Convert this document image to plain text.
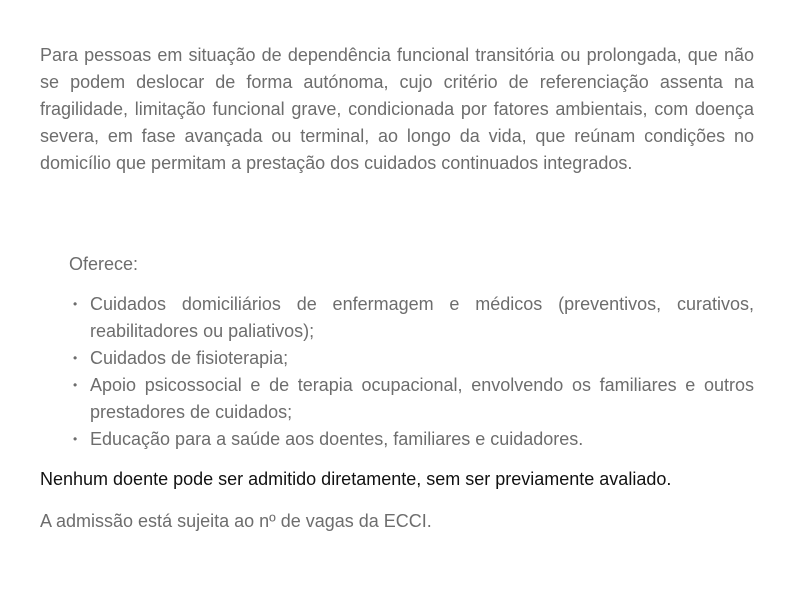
Para pessoas em situação de dependência funcional transitória ou prolongada, que não se podem deslocar de forma autónoma, cujo critério de referenciação assenta na fragilidade, limitação funcional grave, condicionada por fatores ambientais, com doença severa, em fase avançada ou terminal, ao longo da vida, que reúnam condições no domicílio que permitam a prestação dos cuidados continuados integrados.

Oferece:

• Cuidados domiciliários de enfermagem e médicos (preventivos, curativos, reabilitadores ou paliativos);
• Cuidados de fisioterapia;
• Apoio psicossocial e de terapia ocupacional, envolvendo os familiares e outros prestadores de cuidados;
• Educação para a saúde aos doentes, familiares e cuidadores.

Nenhum doente pode ser admitido diretamente, sem ser previamente avaliado.

A admissão está sujeita ao nº de vagas da ECCI.
